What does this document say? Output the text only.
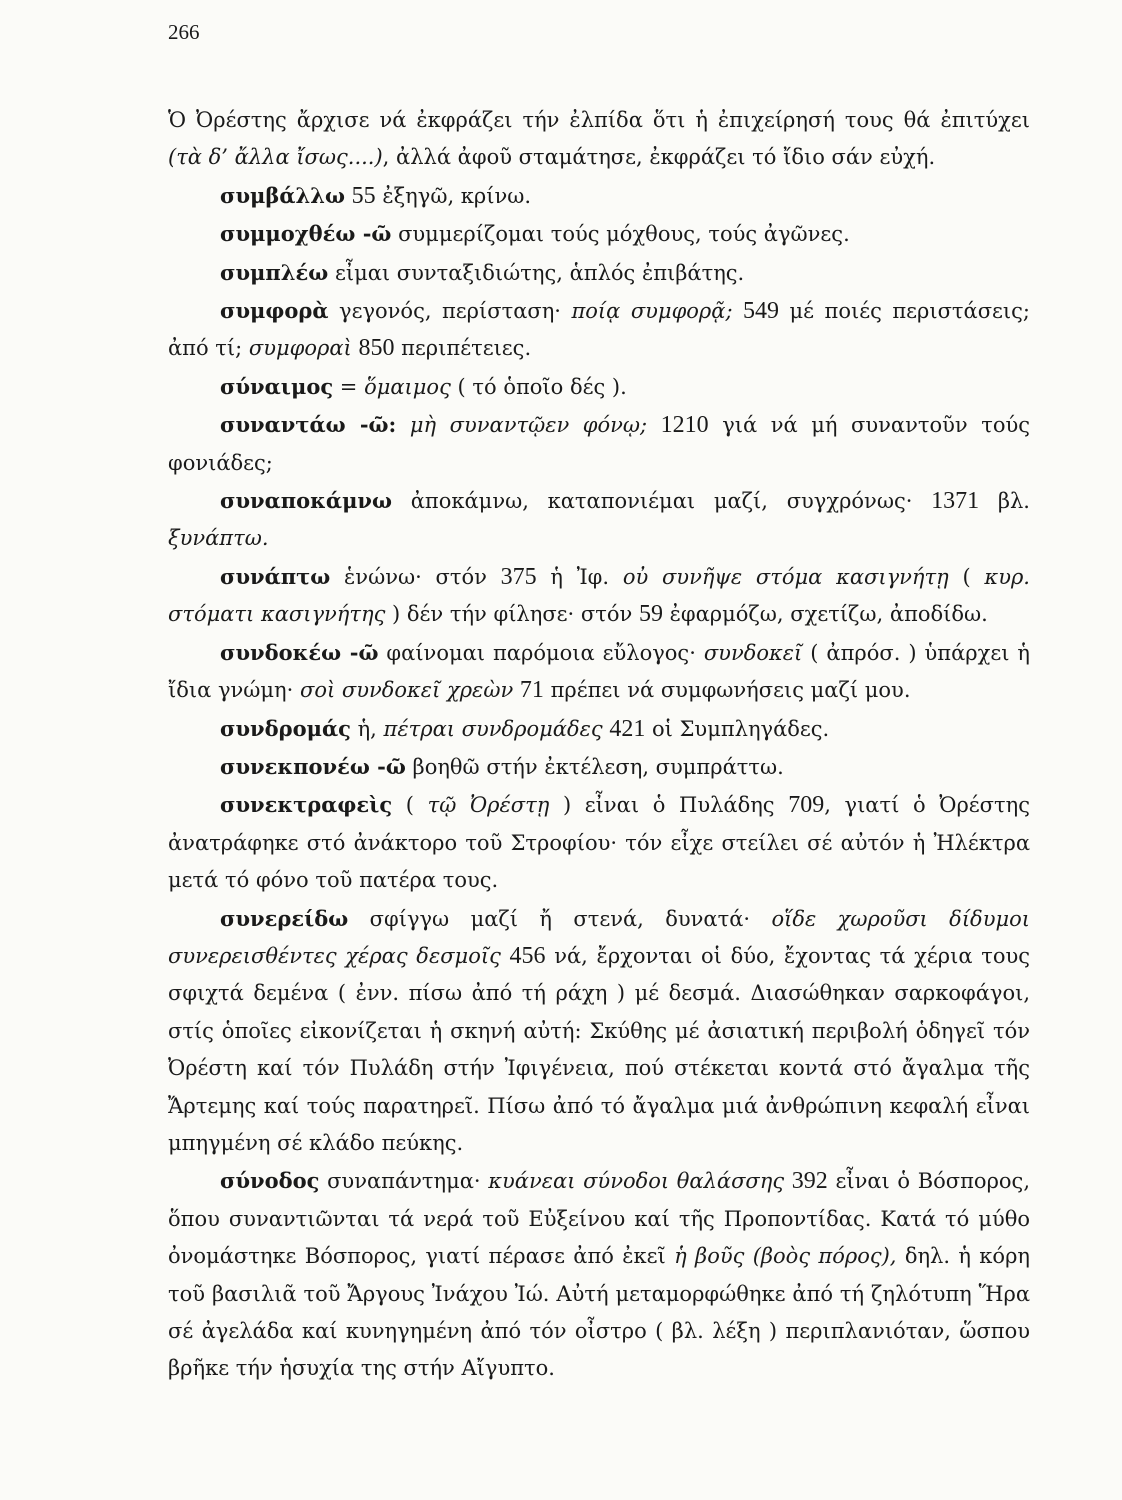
266

Ὁ Ὀρέστης ἄρχισε νά ἐκφράζει τήν ἐλπίδα ὅτι ἡ ἐπιχείρησή τους θά ἐπιτύχει (τὰ δ’ ἄλλα ἴσως....), ἀλλά ἀφοῦ σταμάτησε, ἐκφράζει τό ἴδιο σάν εὐχή.

συμβάλλω 55 ἐξηγῶ, κρίνω.

συμμοχθέω -ῶ συμμερίζομαι τούς μόχθους, τούς ἀγῶνες.

συμπλέω εἶμαι συνταξιδιώτης, ἁπλός ἐπιβάτης.

συμφορὰ γεγονός, περίσταση· ποίᾳ συμφορᾷ; 549 μέ ποιές περιστάσεις; ἀπό τί; συμφοραὶ 850 περιπέτειες.

σύναιμος = ὅμαιμος ( τό ὁποῖο δές ).

συναντάω -ῶ: μὴ συναντῷεν φόνῳ; 1210 γιά νά μή συναντοῦν τούς φονιάδες;

συναποκάμνω ἀποκάμνω, καταπονιέμαι μαζί, συγχρόνως· 1371 βλ. ξυνάπτω.

συνάπτω ἑνώνω· στόν 375 ἡ Ἰφ. οὐ συνῆψε στόμα κασιγνήτῃ ( κυρ. στόματι κασιγνήτης ) δέν τήν φίλησε· στόν 59 ἐφαρμόζω, σχετίζω, ἀποδίδω.

συνδοκέω -ῶ φαίνομαι παρόμοια εὔλογος· συνδοκεῖ ( ἀπρόσ. ) ὑπάρχει ἡ ἴδια γνώμη· σοὶ συνδοκεῖ χρεὼν 71 πρέπει νά συμφωνήσεις μαζί μου.

συνδρομάς ἡ, πέτραι συνδρομάδες 421 οἱ Συμπληγάδες.

συνεκπονέω -ῶ βοηθῶ στήν ἐκτέλεση, συμπράττω.

συνεκτραφεὶς ( τῷ Ὀρέστῃ ) εἶναι ὁ Πυλάδης 709, γιατί ὁ Ὀρέστης ἀνατράφηκε στό ἀνάκτορο τοῦ Στροφίου· τόν εἶχε στείλει σέ αὐτόν ἡ Ἠλέκτρα μετά τό φόνο τοῦ πατέρα τους.

συνερείδω σφίγγω μαζί ἤ στενά, δυνατά· οἵδε χωροῦσι δίδυμοι συνερεισθέντες χέρας δεσμοῖς 456 νά, ἔρχονται οἱ δύο, ἔχοντας τά χέρια τους σφιχτά δεμένα ( ἐνν. πίσω ἀπό τή ράχη ) μέ δεσμά. Διασώθηκαν σαρκοφάγοι, στίς ὁποῖες εἰκονίζεται ἡ σκηνή αὐτή: Σκύθης μέ ἀσιατική περιβολή ὁδηγεῖ τόν Ὀρέστη καί τόν Πυλάδη στήν Ἰφιγένεια, πού στέκεται κοντά στό ἄγαλμα τῆς Ἄρτεμης καί τούς παρατηρεῖ. Πίσω ἀπό τό ἄγαλμα μιά ἀνθρώπινη κεφαλή εἶναι μπηγμένη σέ κλάδο πεύκης.

σύνοδος συναπάντημα· κυάνεαι σύνοδοι θαλάσσης 392 εἶναι ὁ Βόσπορος, ὅπου συναντιῶνται τά νερά τοῦ Εὐξείνου καί τῆς Προποντίδας. Κατά τό μύθο ὀνομάστηκε Βόσπορος, γιατί πέρασε ἀπό ἐκεῖ ἡ βοῦς (βοὸς πόρος), δηλ. ἡ κόρη τοῦ βασιλιᾶ τοῦ Ἄργους Ἰνάχου Ἰώ. Αὐτή μεταμορφώθηκε ἀπό τή ζηλότυπη Ἥρα σέ ἀγελάδα καί κυνηγημένη ἀπό τόν οἶστρο ( βλ. λέξη ) περιπλανιόταν, ὥσπου βρῆκε τήν ἡσυχία της στήν Αἴγυπτο.
